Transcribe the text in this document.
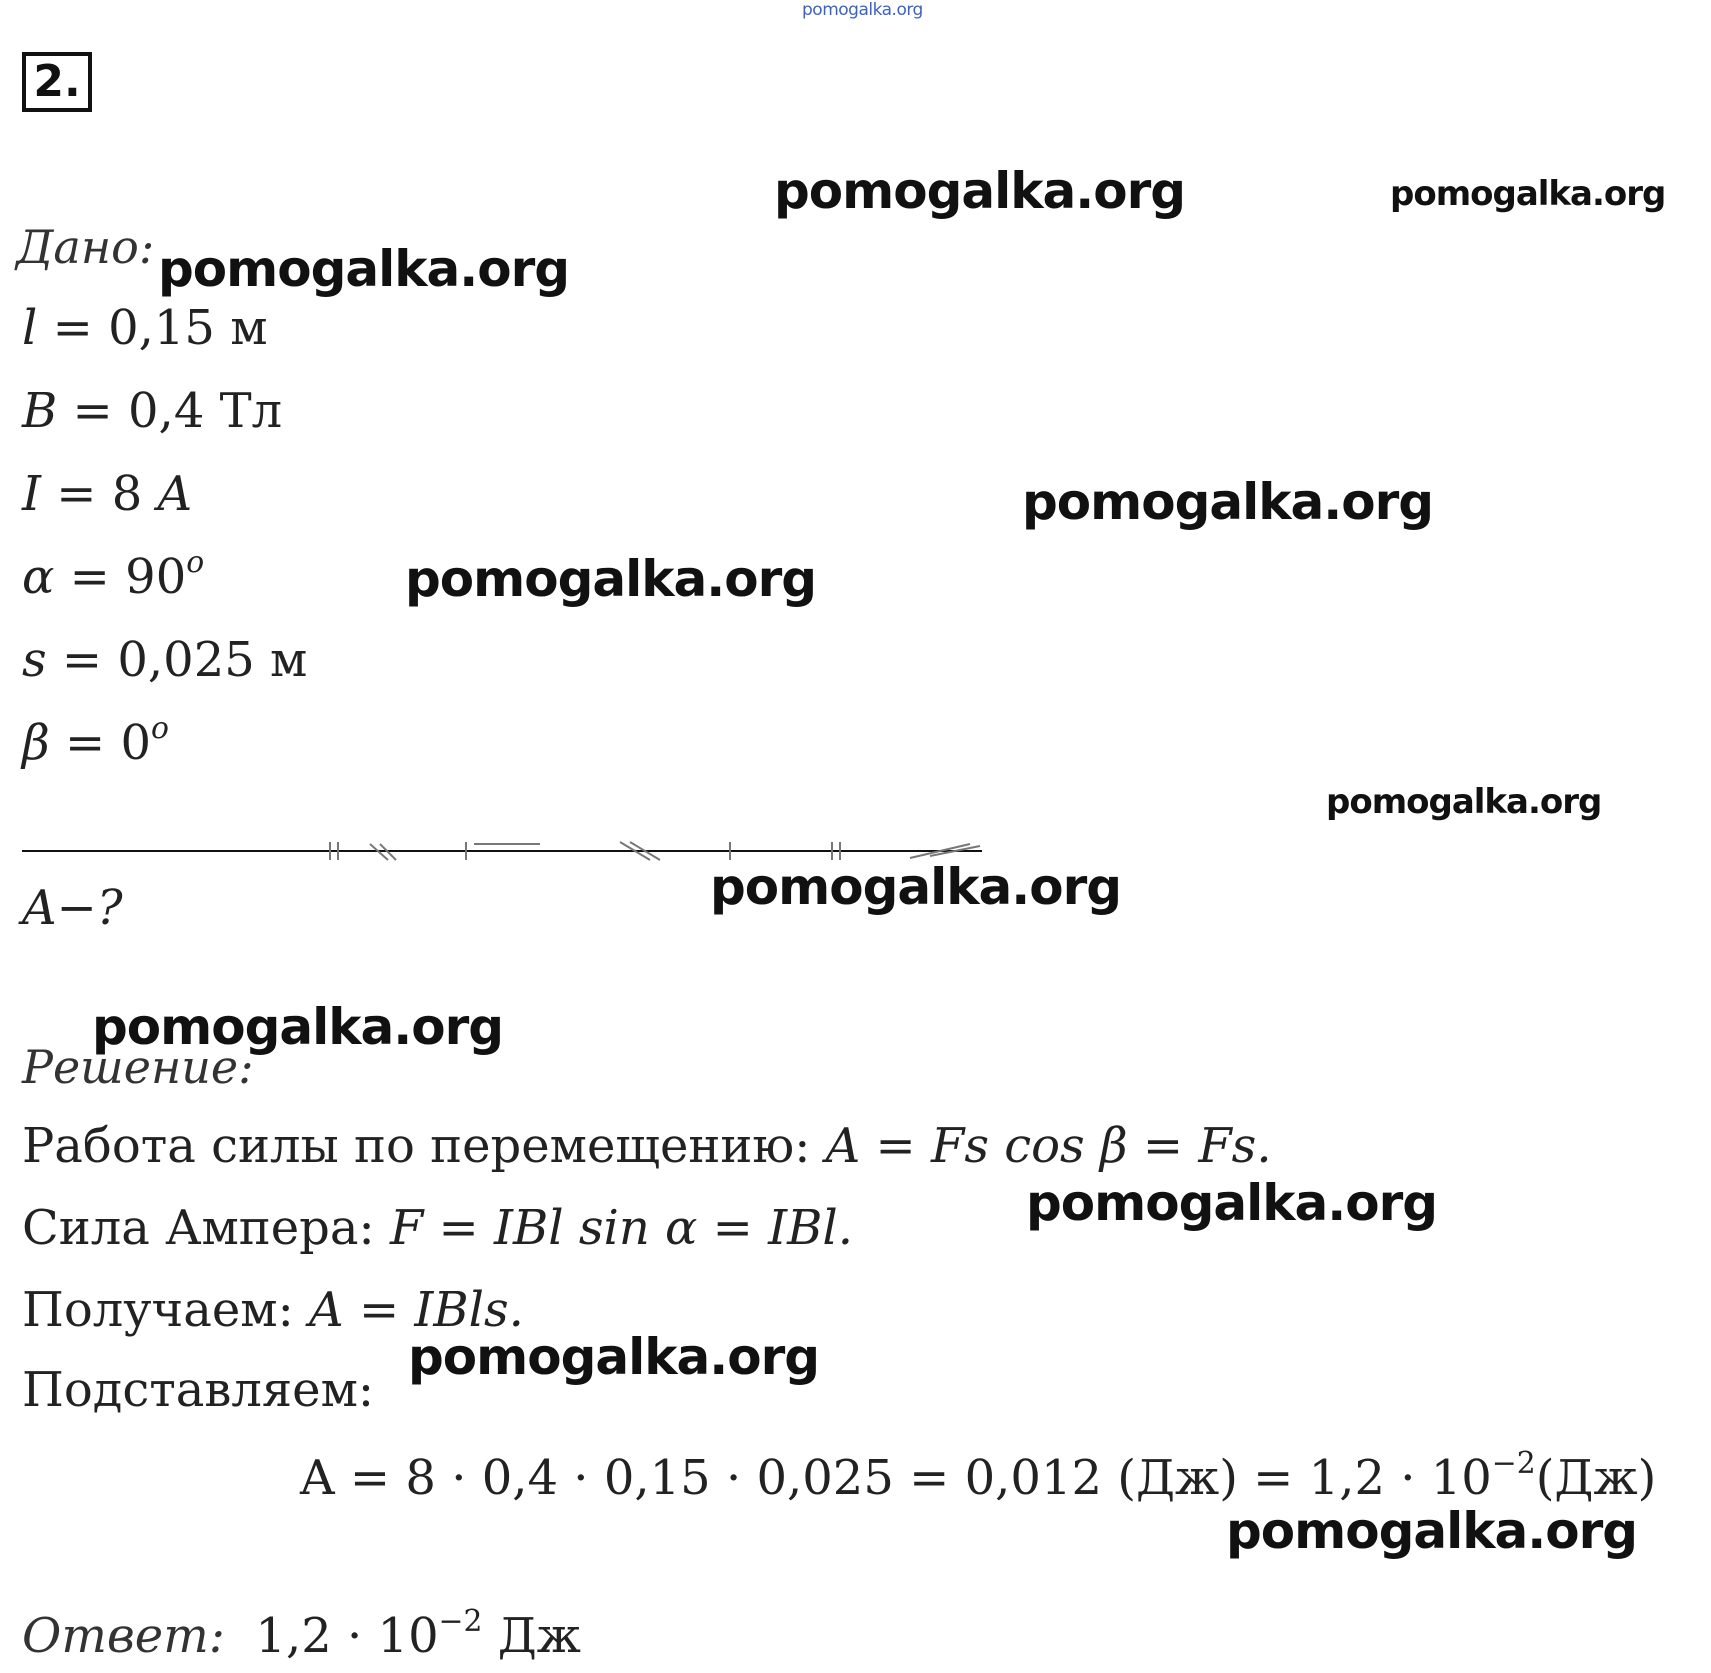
pomogalka.org
2.
Дано:
l = 0,15 м
B = 0,4 Тл
I = 8 A
$\alpha = 90^o$
s = 0,025 м
$\beta = 0^o$
A−?
Решение:
Работа силы по перемещению: A = Fs cos β = Fs.
Сила Ампера: F = IBl sin α = IBl.
Получаем: A = IBls.
Подставляем:
A = 8 · 0,4 · 0,15 · 0,025 = 0,012 $(Дж) = 1,2 \cdot 10^{-2}(Дж)$
Ответ: $1,2 \cdot 10^{-2}$ Дж
pomogalka.org	pomogalka.org
pomogalka.org
pomogalka.org
pomogalka.org
pomogalka.org
pomogalka.org
pomogalka.org
pomogalka.org
pomogalka.org
pomogalka.org
